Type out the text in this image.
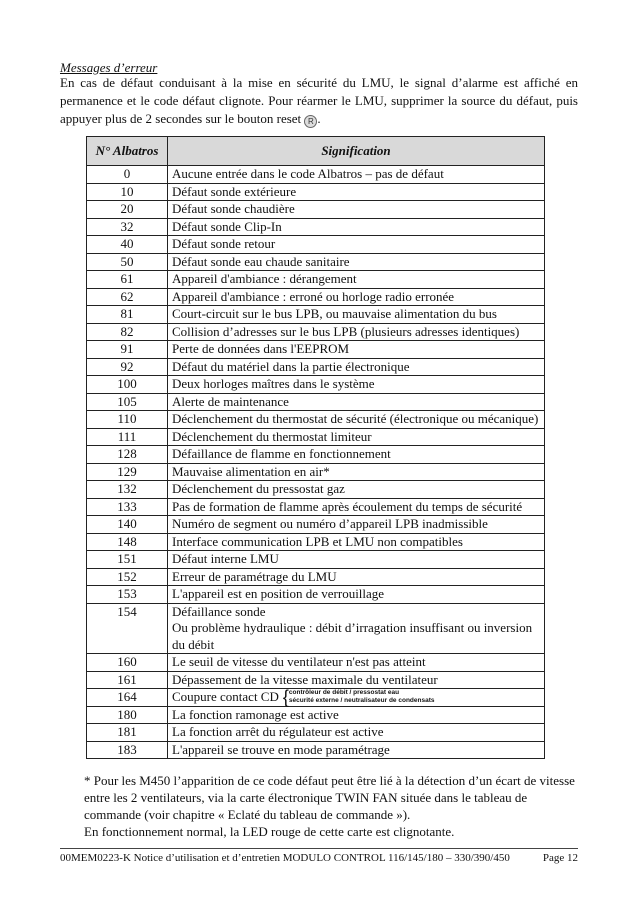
Messages d’erreur
En cas de défaut conduisant à la mise en sécurité du LMU, le signal d’alarme est affiché en permanence et le code défaut clignote. Pour réarmer le LMU, supprimer la source du défaut, puis appuyer plus de 2 secondes sur le bouton reset R .
N° Albatros	Signification
0	Aucune entrée dans le code Albatros – pas de défaut
10	Défaut sonde extérieure
20	Défaut sonde chaudière
32	Défaut sonde Clip-In
40	Défaut sonde retour
50	Défaut sonde eau chaude sanitaire
61	Appareil d'ambiance : dérangement
62	Appareil d'ambiance : erroné ou horloge radio erronée
81	Court-circuit sur le bus LPB, ou mauvaise alimentation du bus
82	Collision d’adresses sur le bus LPB (plusieurs adresses identiques)
91	Perte de données dans l'EEPROM
92	Défaut du matériel dans la partie électronique
100	Deux horloges maîtres dans le système
105	Alerte de maintenance
110	Déclenchement du thermostat de sécurité (électronique ou mécanique)
111	Déclenchement du thermostat limiteur
128	Défaillance de flamme en fonctionnement
129	Mauvaise alimentation en air*
132	Déclenchement du pressostat gaz
133	Pas de formation de flamme après écoulement du temps de sécurité
140	Numéro de segment ou numéro d’appareil LPB inadmissible
148	Interface communication LPB et LMU non compatibles
151	Défaut interne LMU
152	Erreur de paramétrage du LMU
153	L'appareil est en position de verrouillage
154	Défaillance sonde
Ou problème hydraulique : débit d’irragation insuffisant ou inversion du débit

160	Le seuil de vitesse du ventilateur n'est pas atteint
161	Dépassement de la vitesse maximale du ventilateur
164	Coupure contact CD { contrôleur de débit / pressostat eau
sécurité externe / neutralisateur de condensats

180	La fonction ramonage est active
181	La fonction arrêt du régulateur est active
183	L'appareil se trouve en mode paramétrage
* Pour les M450 l’apparition de ce code défaut peut être lié à la détection d’un écart de vitesse entre les 2 ventilateurs, via la carte électronique TWIN FAN située dans le tableau de commande (voir chapitre « Eclaté du tableau de commande »).
En fonctionnement normal, la LED rouge de cette carte est clignotante.
00MEM0223-K Notice d’utilisation et d’entretien MODULO CONTROL 116/145/180 – 330/390/450	Page 12
